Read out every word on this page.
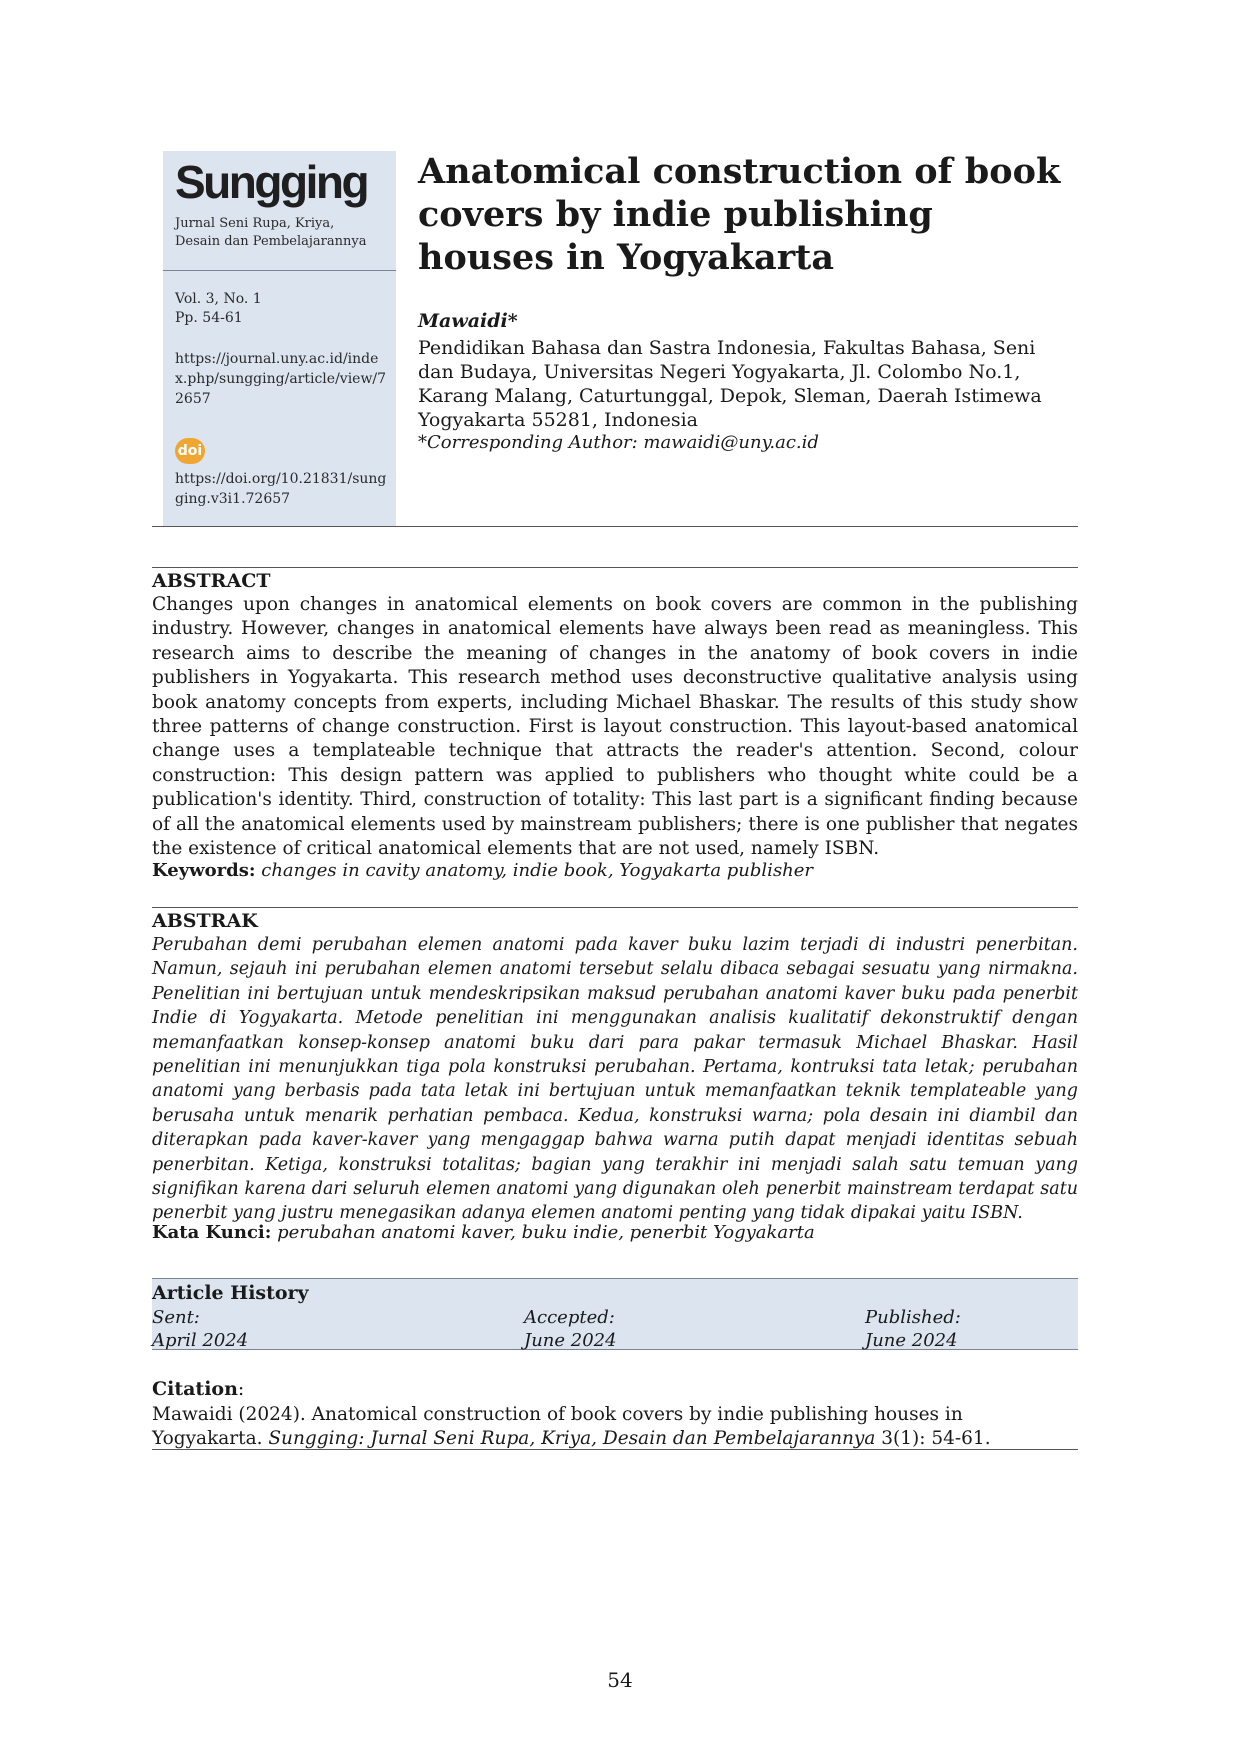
Sungging
Jurnal Seni Rupa, Kriya,
Desain dan Pembelajarannya
Vol. 3, No. 1
Pp. 54-61
https://journal.uny.ac.id/index.php/sungging/article/view/72657
doi
https://doi.org/10.21831/sungging.v3i1.72657
Anatomical construction of book covers by indie publishing houses in Yogyakarta
Mawaidi*
Pendidikan Bahasa dan Sastra Indonesia, Fakultas Bahasa, Seni dan Budaya, Universitas Negeri Yogyakarta, Jl. Colombo No.1, Karang Malang, Caturtunggal, Depok, Sleman, Daerah Istimewa Yogyakarta 55281, Indonesia
*Corresponding Author: mawaidi@uny.ac.id
ABSTRACT
Changes upon changes in anatomical elements on book covers are common in the publishing industry. However, changes in anatomical elements have always been read as meaningless. This research aims to describe the meaning of changes in the anatomy of book covers in indie publishers in Yogyakarta. This research method uses deconstructive qualitative analysis using book anatomy concepts from experts, including Michael Bhaskar. The results of this study show three patterns of change construction. First is layout construction. This layout-based anatomical change uses a templateable technique that attracts the reader's attention. Second, colour construction: This design pattern was applied to publishers who thought white could be a publication's identity. Third, construction of totality: This last part is a significant finding because of all the anatomical elements used by mainstream publishers; there is one publisher that negates the existence of critical anatomical elements that are not used, namely ISBN.
Keywords: changes in cavity anatomy, indie book, Yogyakarta publisher
ABSTRAK
Perubahan demi perubahan elemen anatomi pada kaver buku lazim terjadi di industri penerbitan. Namun, sejauh ini perubahan elemen anatomi tersebut selalu dibaca sebagai sesuatu yang nirmakna. Penelitian ini bertujuan untuk mendeskripsikan maksud perubahan anatomi kaver buku pada penerbit Indie di Yogyakarta. Metode penelitian ini menggunakan analisis kualitatif dekonstruktif dengan memanfaatkan konsep-konsep anatomi buku dari para pakar termasuk Michael Bhaskar. Hasil penelitian ini menunjukkan tiga pola konstruksi perubahan. Pertama, kontruksi tata letak; perubahan anatomi yang berbasis pada tata letak ini bertujuan untuk memanfaatkan teknik templateable yang berusaha untuk menarik perhatian pembaca. Kedua, konstruksi warna; pola desain ini diambil dan diterapkan pada kaver-kaver yang mengaggap bahwa warna putih dapat menjadi identitas sebuah penerbitan. Ketiga, konstruksi totalitas; bagian yang terakhir ini menjadi salah satu temuan yang signifikan karena dari seluruh elemen anatomi yang digunakan oleh penerbit mainstream terdapat satu penerbit yang justru menegasikan adanya elemen anatomi penting yang tidak dipakai yaitu ISBN.
Kata Kunci: perubahan anatomi kaver, buku indie, penerbit Yogyakarta
Article History
Sent:
April 2024
Accepted:
June 2024
Published:
June 2024
Citation:
Mawaidi (2024). Anatomical construction of book covers by indie publishing houses in Yogyakarta. Sungging: Jurnal Seni Rupa, Kriya, Desain dan Pembelajarannya 3(1): 54-61.
54
